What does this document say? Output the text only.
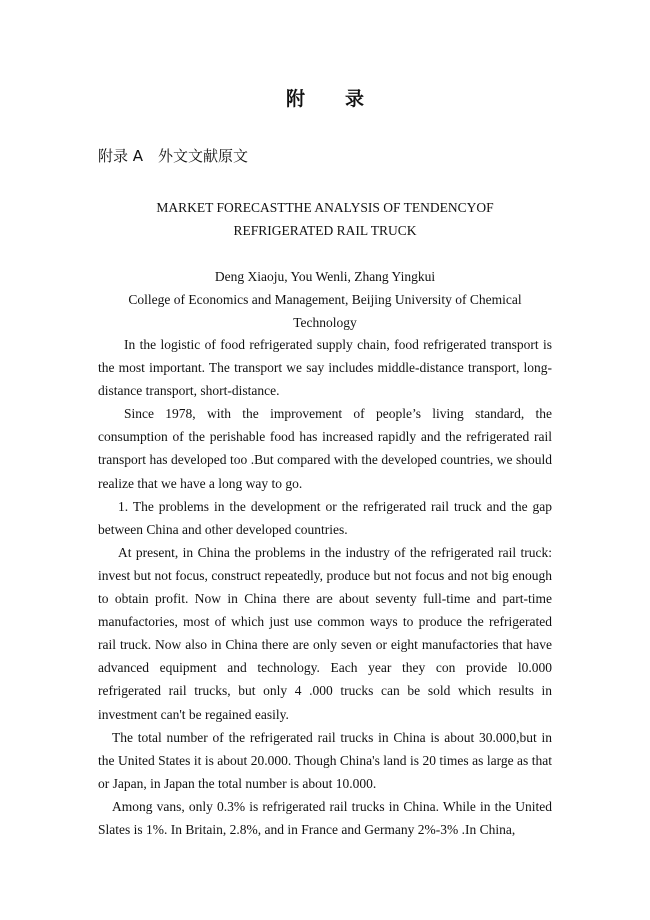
附 录
附录 A　外文文献原文
MARKET FORECASTTHE ANALYSIS OF TENDENCYOF
REFRIGERATED RAIL TRUCK
Deng Xiaoju, You Wenli, Zhang Yingkui
College of Economics and Management, Beijing University of Chemical Technology

In the logistic of food refrigerated supply chain, food refrigerated transport is the most important. The transport we say includes middle-distance transport, long-distance transport, short-distance.

Since 1978, with the improvement of people’s living standard, the consumption of the perishable food has increased rapidly and the refrigerated rail transport has developed too .But compared with the developed countries, we should realize that we have a long way to go.

1. The problems in the development or the refrigerated rail truck and the gap between China and other developed countries.

At present, in China the problems in the industry of the refrigerated rail truck: invest but not focus, construct repeatedly, produce but not focus and not big enough to obtain profit. Now in China there are about seventy full-time and part-time manufactories, most of which just use common ways to produce the refrigerated rail truck. Now also in China there are only seven or eight manufactories that have advanced equipment and technology. Each year they con provide l0.000 refrigerated rail trucks, but only 4 .000 trucks can be sold which results in investment can't be regained easily.

The total number of the refrigerated rail trucks in China is about 30.000,but in the United States it is about 20.000. Though China's land is 20 times as large as that or Japan, in Japan the total number is about 10.000.

Among vans, only 0.3% is refrigerated rail trucks in China. While in the United Slates is 1%. In Britain, 2.8%, and in France and Germany 2%-3% .In China,
